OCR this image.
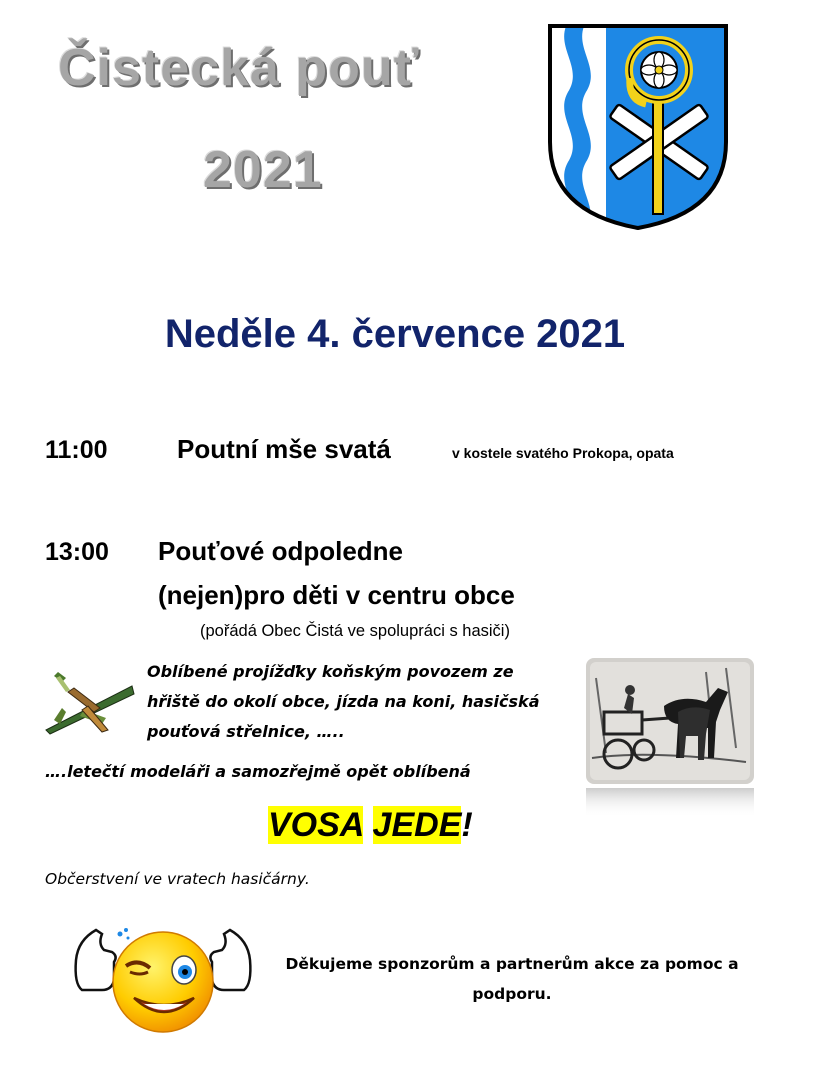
Čistecká pouť
2021
Neděle 4. července 2021
11:00	Poutní mše svatá	v kostele svatého Prokopa, opata
13:00 Pouťové odpoledne
(nejen)pro děti v centru obce
(pořádá Obec Čistá ve spolupráci s hasiči)
Oblíbené projížďky koňským povozem ze
hřiště do okolí obce, jízda na koni, hasičská
pouťová střelnice, …..
….letečtí modeláři a samozřejmě opět oblíbená
VOSA JEDE!
Občerstvení ve vratech hasičárny.
Děkujeme sponzorům a partnerům akce za pomoc a
podporu.
